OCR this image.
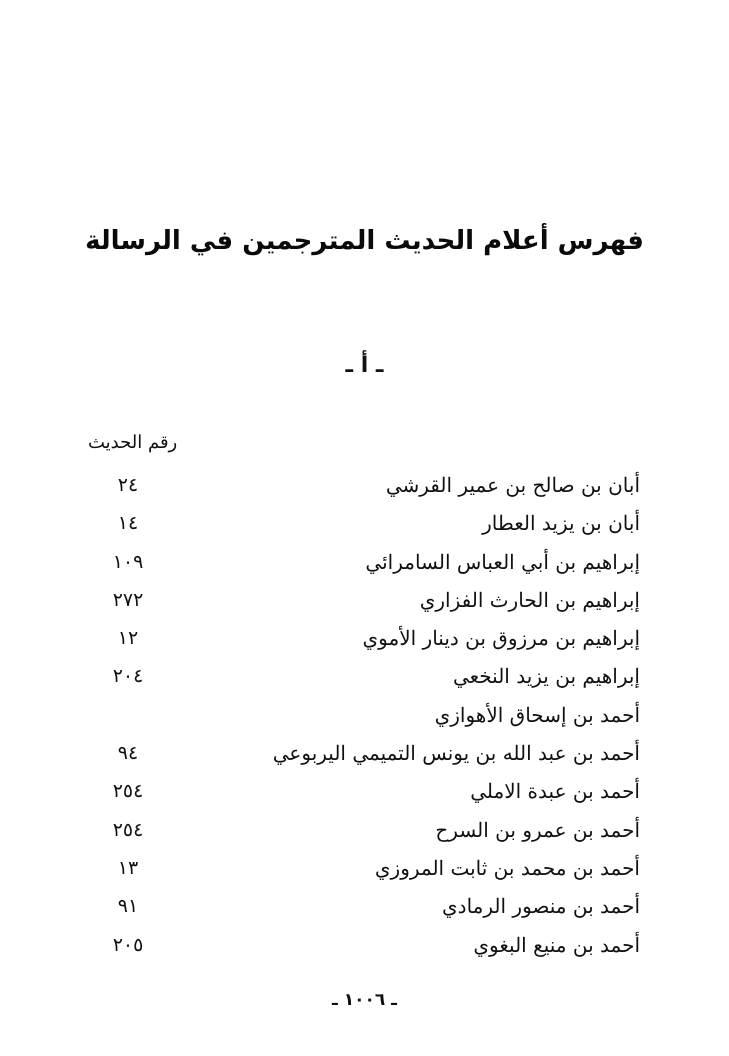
فهرس أعلام الحديث المترجمين في الرسالة
ـ أ ـ
رقم الحديث
أبان بن صالح بن عمير القرشي
٢٤
أبان بن يزيد العطار
١٤
إبراهيم بن أبي العباس السامرائي
١٠٩
إبراهيم بن الحارث الفزاري
٢٧٢
إبراهيم بن مرزوق بن دينار الأموي
١٢
إبراهيم بن يزيد النخعي
٢٠٤
أحمد بن إسحاق الأهوازي
أحمد بن عبد الله بن يونس التميمي اليربوعي
٩٤
أحمد بن عبدة الاملي
٢٥٤
أحمد بن عمرو بن السرح
٢٥٤
أحمد بن محمد بن ثابت المروزي
١٣
أحمد بن منصور الرمادي
٩١
أحمد بن منيع البغوي
٢٠٥
ـ ١٠٠٦ ـ
